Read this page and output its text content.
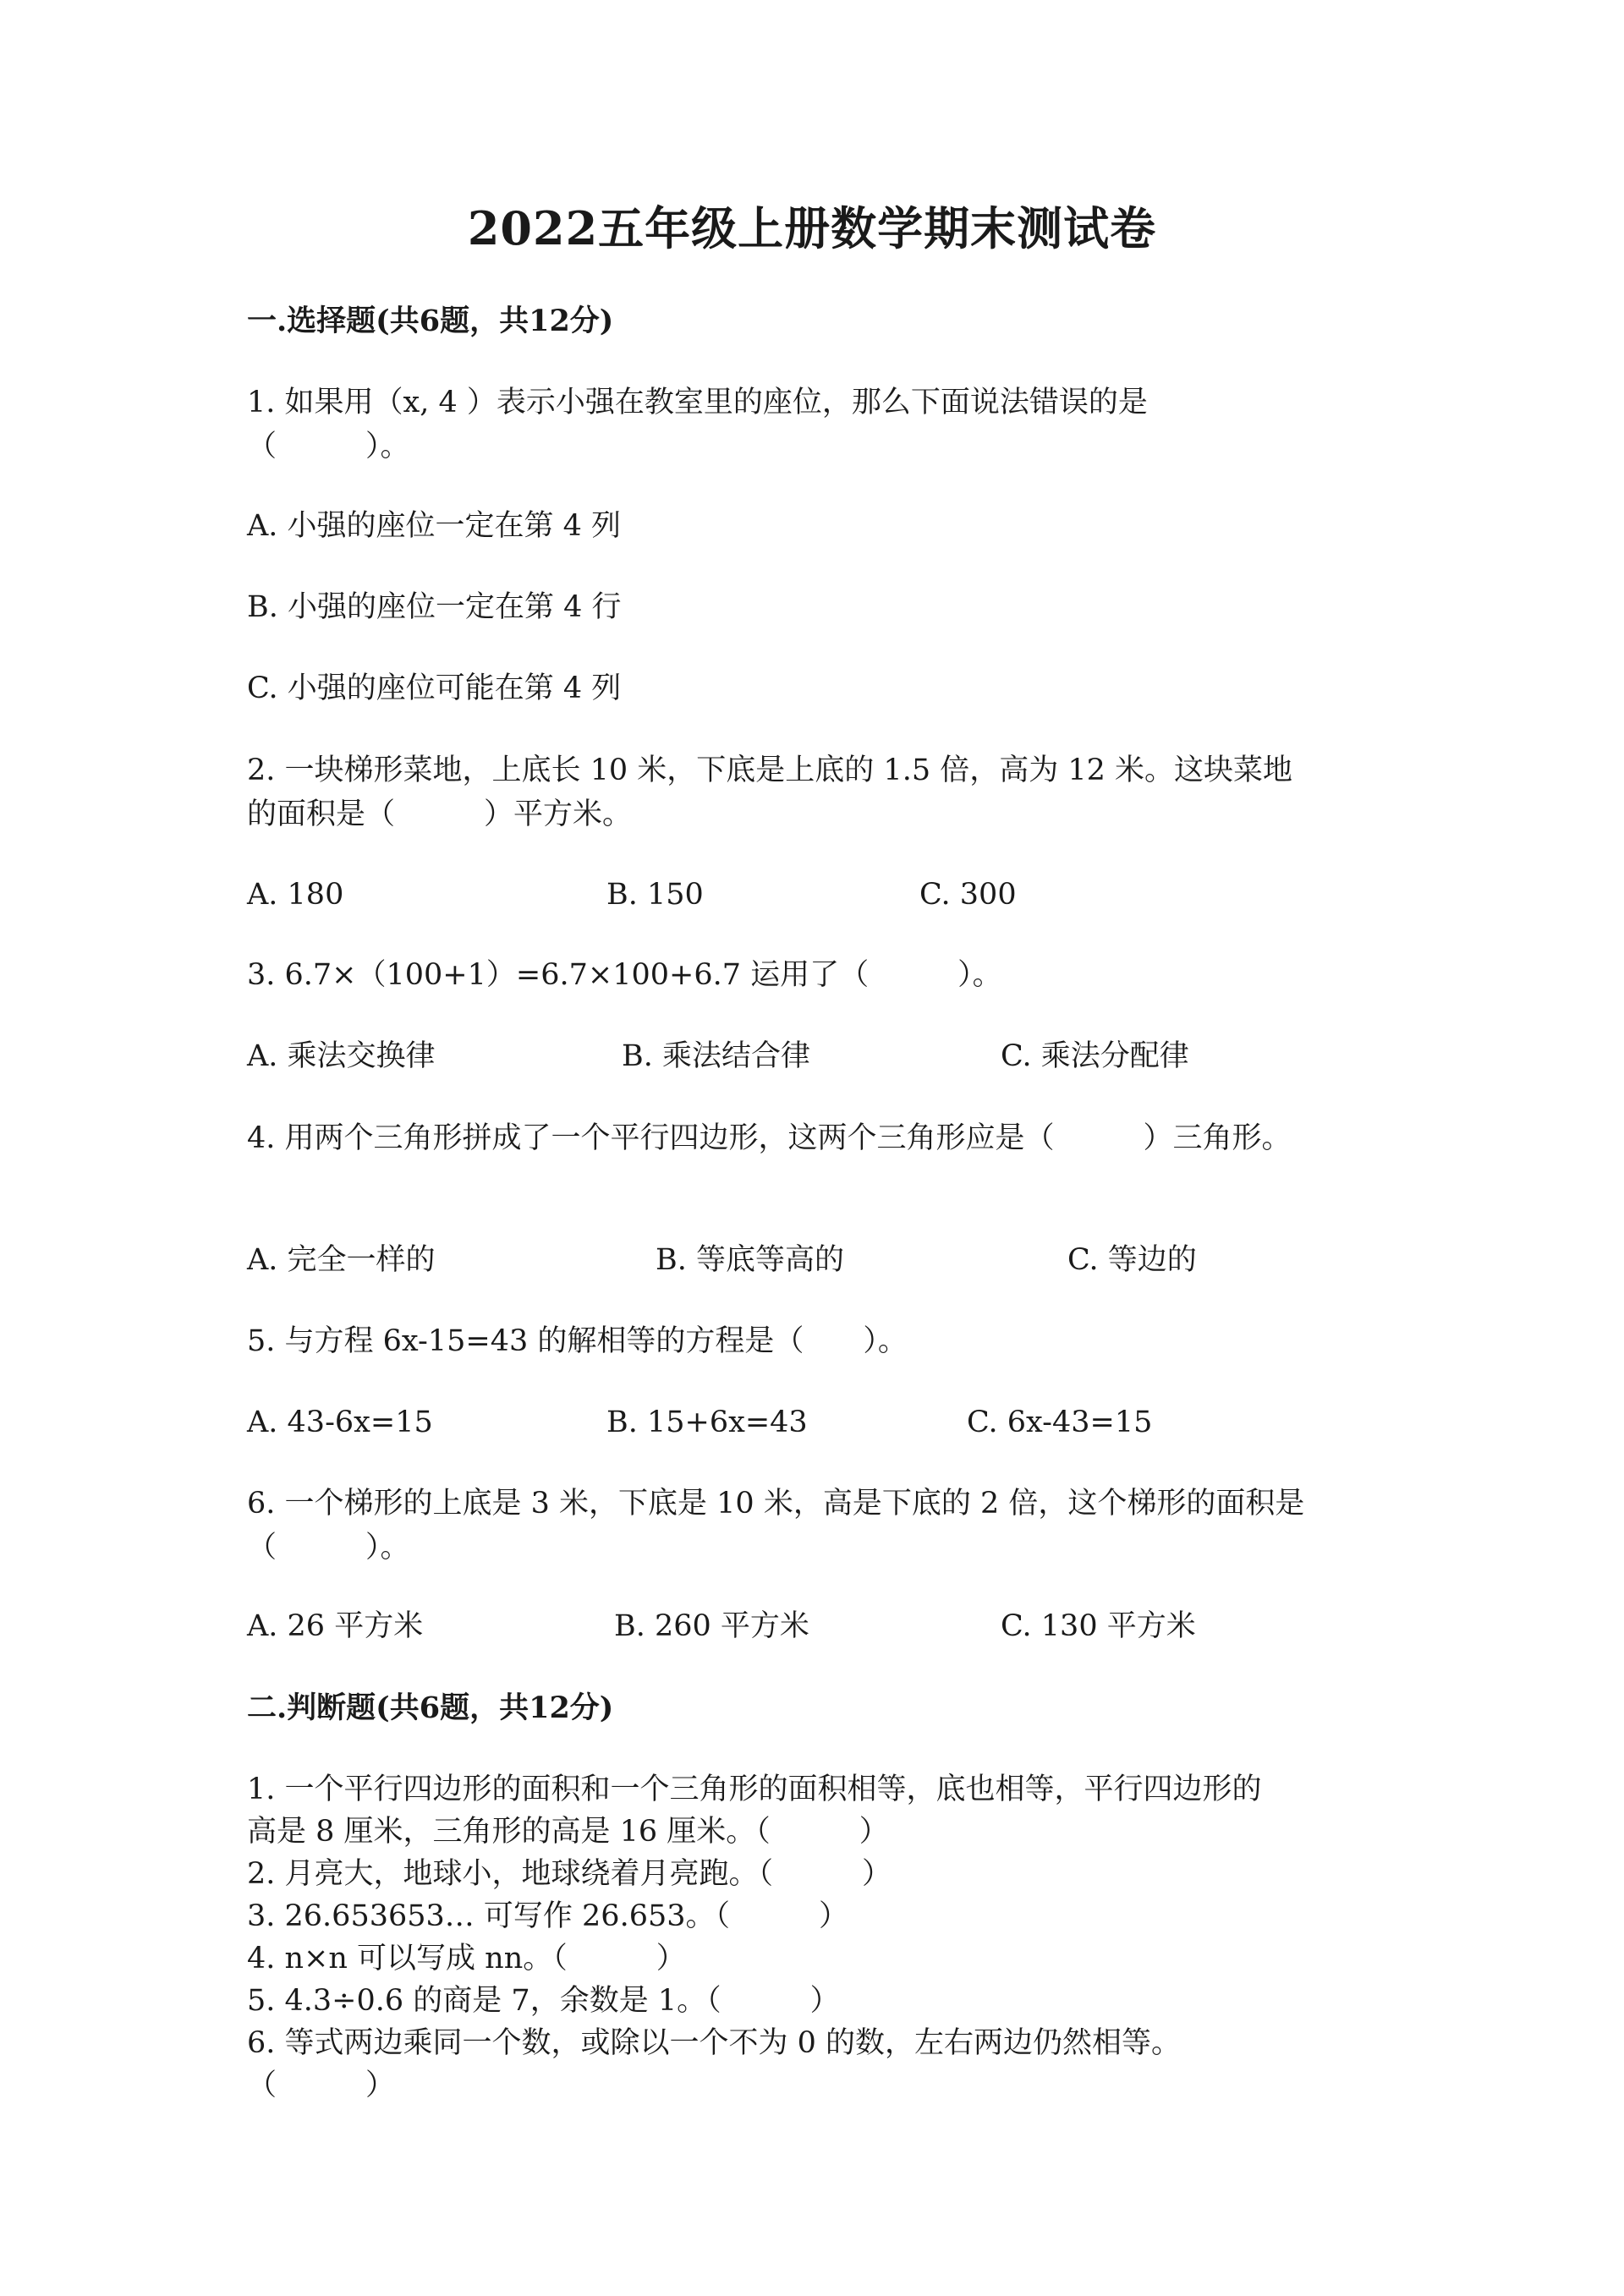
2022五年级上册数学期末测试卷
一.选择题(共6题，共12分)
1. 如果用（x, 4 ）表示小强在教室里的座位，那么下面说法错误的是
（　　　）。
A. 小强的座位一定在第 4 列
B. 小强的座位一定在第 4 行
C. 小强的座位可能在第 4 列
2. 一块梯形菜地，上底长 10 米，下底是上底的 1.5 倍，高为 12 米。这块菜地
的面积是（　　　）平方米。
A. 180	B. 150	C. 300
3. 6.7×（100+1）=6.7×100+6.7 运用了（　　　）。
A. 乘法交换律	B. 乘法结合律	C. 乘法分配律
4. 用两个三角形拼成了一个平行四边形，这两个三角形应是（　　　）三角形。
A. 完全一样的	B. 等底等高的	C. 等边的
5. 与方程 6x-15=43 的解相等的方程是（　　）。
A. 43-6x=15	B. 15+6x=43	C. 6x-43=15
6. 一个梯形的上底是 3 米，下底是 10 米，高是下底的 2 倍，这个梯形的面积是
（　　　）。
A. 26 平方米	B. 260 平方米	C. 130 平方米
二.判断题(共6题，共12分)
1. 一个平行四边形的面积和一个三角形的面积相等，底也相等，平行四边形的
高是 8 厘米，三角形的高是 16 厘米。（　　　）
2. 月亮大，地球小，地球绕着月亮跑。（　　　）
3. 26.653653… 可写作 26.653。（　　　）
4. n×n 可以写成 nn。（　　　）
5. 4.3÷0.6 的商是 7，余数是 1。（　　　）
6. 等式两边乘同一个数，或除以一个不为 0 的数，左右两边仍然相等。
（　　　）
